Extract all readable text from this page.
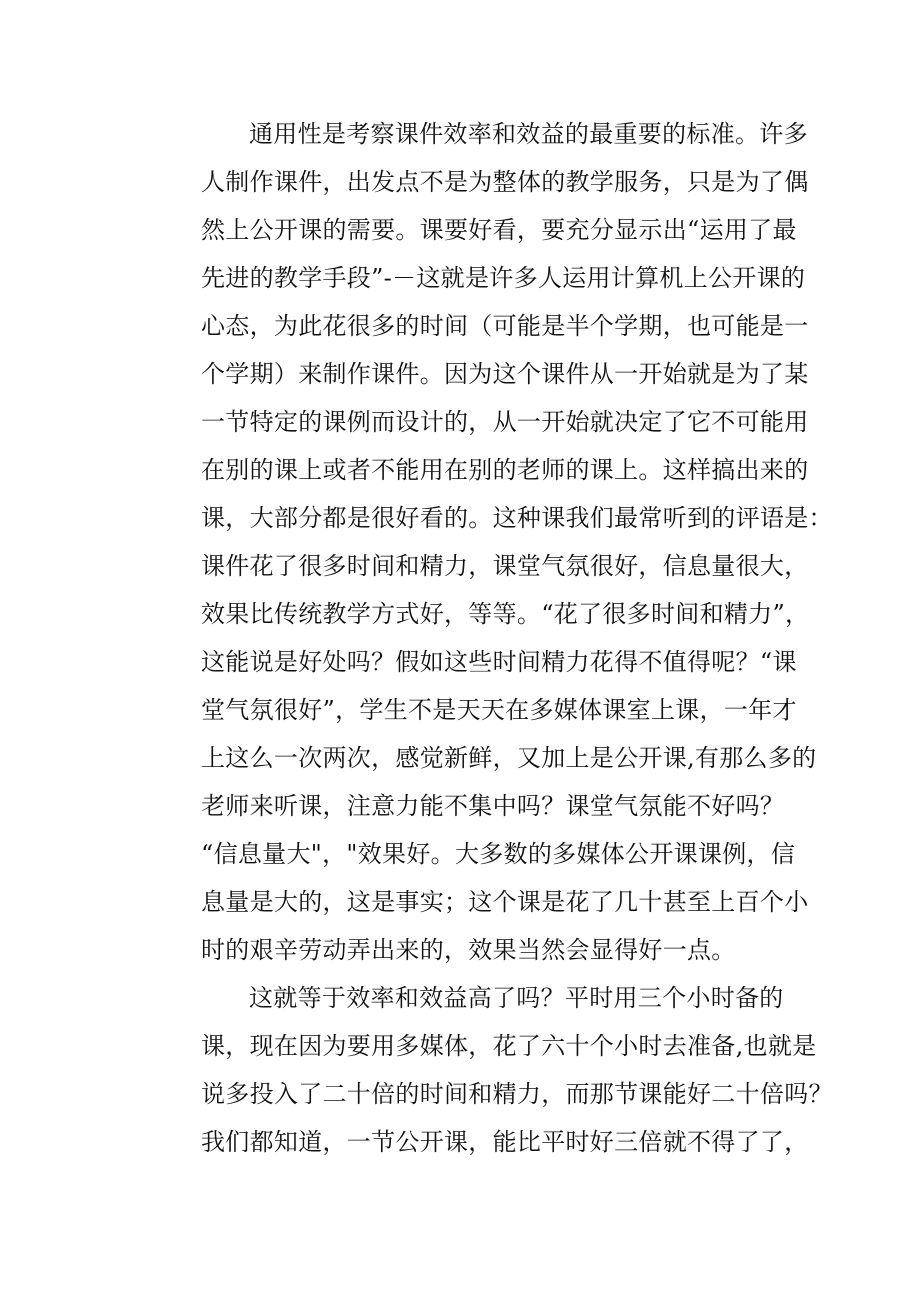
通用性是考察课件效率和效益的最重要的标准。许多
人制作课件，出发点不是为整体的教学服务，只是为了偶
然上公开课的需要。课要好看，要充分显示出“运用了最
先进的教学手段”-－这就是许多人运用计算机上公开课的
心态，为此花很多的时间（可能是半个学期，也可能是一
个学期）来制作课件。因为这个课件从一开始就是为了某
一节特定的课例而设计的，从一开始就决定了它不可能用
在别的课上或者不能用在别的老师的课上。这样搞出来的
课，大部分都是很好看的。这种课我们最常听到的评语是：
课件花了很多时间和精力，课堂气氛很好，信息量很大，
效果比传统教学方式好，等等。“花了很多时间和精力”，
这能说是好处吗？假如这些时间精力花得不值得呢？“课
堂气氛很好”，学生不是天天在多媒体课室上课，一年才
上这么一次两次，感觉新鲜，又加上是公开课,有那么多的
老师来听课，注意力能不集中吗？课堂气氛能不好吗？
“信息量大"，"效果好。大多数的多媒体公开课课例，信
息量是大的，这是事实；这个课是花了几十甚至上百个小
时的艰辛劳动弄出来的，效果当然会显得好一点。
这就等于效率和效益高了吗？平时用三个小时备的
课，现在因为要用多媒体，花了六十个小时去准备,也就是
说多投入了二十倍的时间和精力，而那节课能好二十倍吗？
我们都知道，一节公开课，能比平时好三倍就不得了了，
